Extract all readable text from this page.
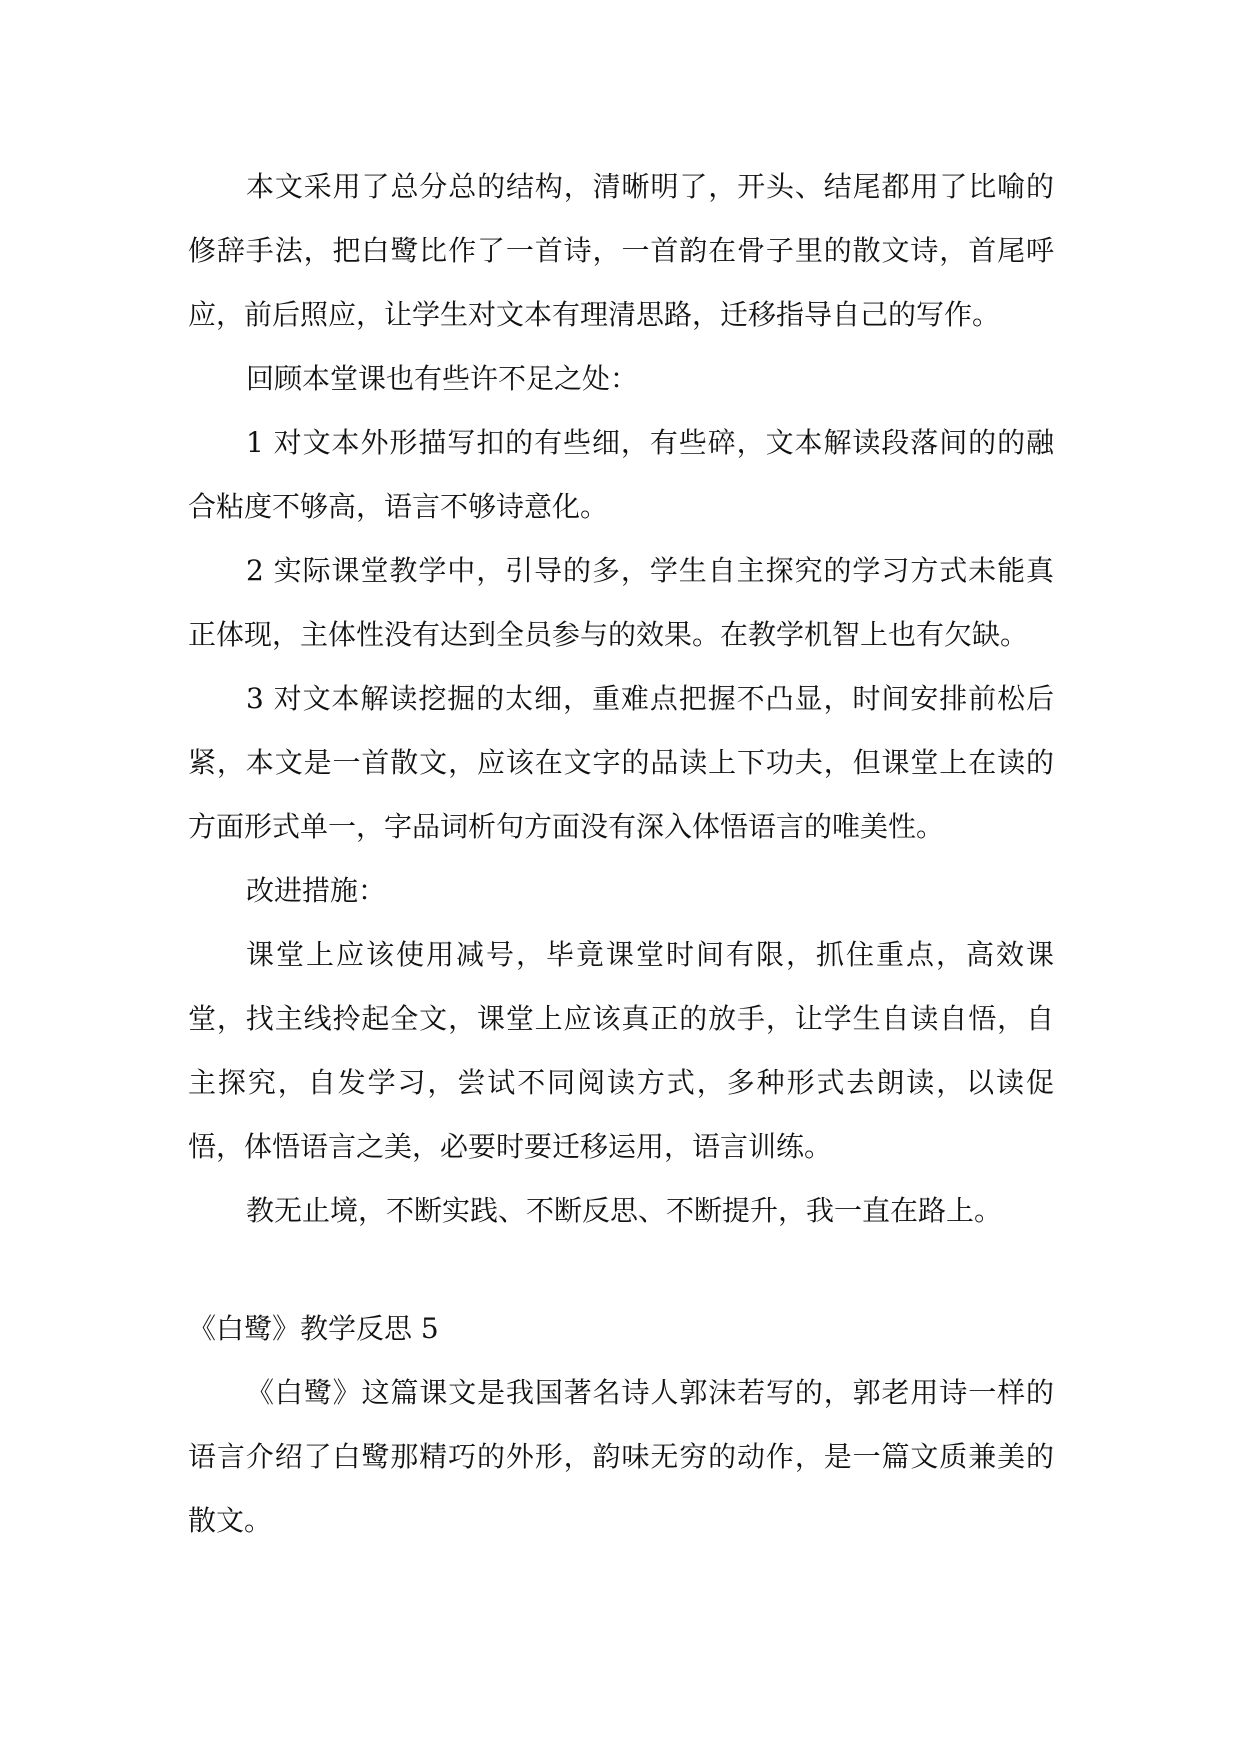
本文采用了总分总的结构，清晰明了，开头、结尾都用了比喻的修辞手法，把白鹭比作了一首诗，一首韵在骨子里的散文诗，首尾呼应，前后照应，让学生对文本有理清思路，迁移指导自己的写作。

回顾本堂课也有些许不足之处：

1 对文本外形描写扣的有些细，有些碎，文本解读段落间的的融合粘度不够高，语言不够诗意化。

2 实际课堂教学中，引导的多，学生自主探究的学习方式未能真正体现，主体性没有达到全员参与的效果。在教学机智上也有欠缺。

3 对文本解读挖掘的太细，重难点把握不凸显，时间安排前松后紧，本文是一首散文，应该在文字的品读上下功夫，但课堂上在读的方面形式单一，字品词析句方面没有深入体悟语言的唯美性。

改进措施：

课堂上应该使用减号，毕竟课堂时间有限，抓住重点，高效课堂，找主线拎起全文，课堂上应该真正的放手，让学生自读自悟，自主探究，自发学习，尝试不同阅读方式，多种形式去朗读，以读促悟，体悟语言之美，必要时要迁移运用，语言训练。

教无止境，不断实践、不断反思、不断提升，我一直在路上。

《白鹭》教学反思 5

《白鹭》这篇课文是我国著名诗人郭沫若写的，郭老用诗一样的语言介绍了白鹭那精巧的外形，韵味无穷的动作，是一篇文质兼美的散文。
